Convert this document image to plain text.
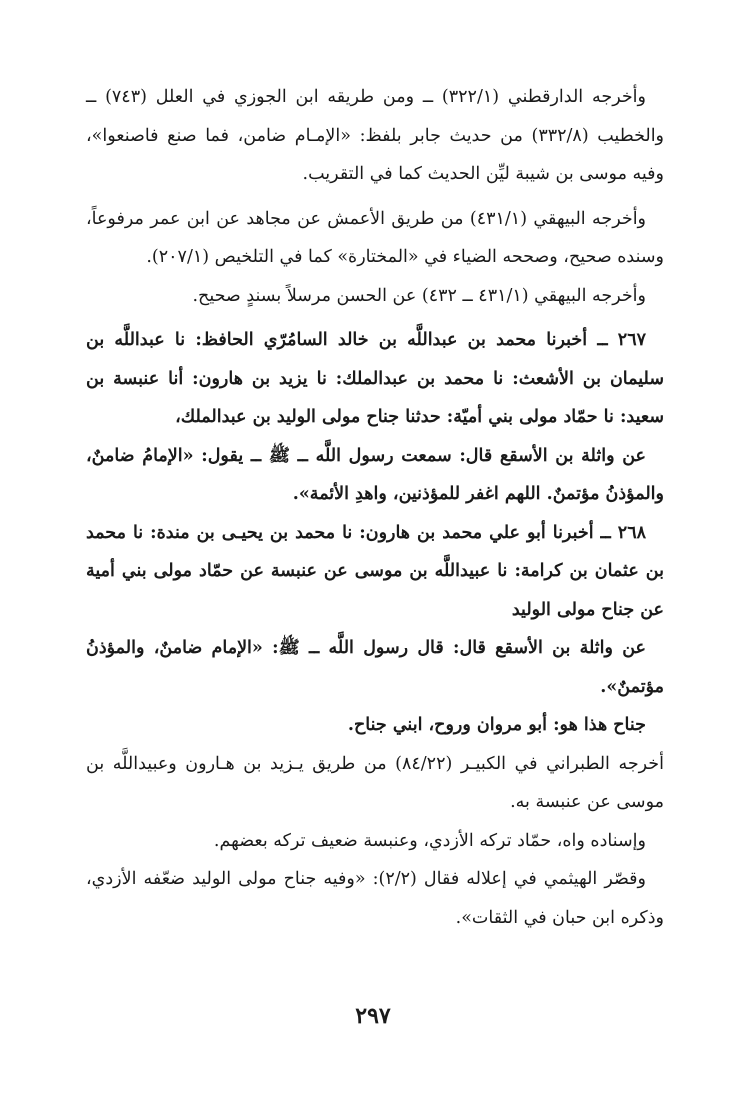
وأخرجه الدارقطني (٣٢٢/١) ــ ومن طريقه ابن الجوزي في العلل (٧٤٣) ــ والخطيب (٣٣٢/٨) من حديث جابر بلفظ: «الإمـام ضامن، فما صنع فاصنعوا»، وفيه موسى بن شيبة ليِّن الحديث كما في التقريب.

وأخرجه البيهقي (٤٣١/١) من طريق الأعمش عن مجاهد عن ابن عمر مرفوعاً، وسنده صحيح، وصححه الضياء في «المختارة» كما في التلخيص (٢٠٧/١).

وأخرجه البيهقي (٤٣١/١ ــ ٤٣٢) عن الحسن مرسلاً بسندٍ صحيح.

٢٦٧ ــ أخبرنا محمد بن عبداللَّه بن خالد السامُرّي الحافظ: نا عبداللَّه بن سليمان بن الأشعث: نا محمد بن عبدالملك: نا يزيد بن هارون: أنا عنبسة بن سعيد: نا حمّاد مولى بني أميّة: حدثنا جناح مولى الوليد بن عبدالملك،

عن واثلة بن الأسقع قال: سمعت رسول اللَّه ــ ﷺ ــ يقول: «الإمامُ ضامنٌ، والمؤذنُ مؤتمنٌ. اللهم اغفر للمؤذنين، واهدِ الأئمة».

٢٦٨ ــ أخبرنا أبو علي محمد بن هارون: نا محمد بن يحيـى بن مندة: نا محمد بن عثمان بن كرامة: نا عبيداللَّه بن موسى عن عنبسة عن حمّاد مولى بني أمية عن جناح مولى الوليد

عن واثلة بن الأسقع قال: قال رسول اللَّه ــ ﷺ: «الإمام ضامنٌ، والمؤذنُ مؤتمنٌ».

جناح هذا هو: أبو مروان وروح، ابني جناح.

أخرجه الطبراني في الكبيـر (٨٤/٢٢) من طريق يـزيد بن هـارون وعبيداللَّه بن موسى عن عنبسة به.

وإسناده واه، حمّاد تركه الأزدي، وعنبسة ضعيف تركه بعضهم.

وقصّر الهيثمي في إعلاله فقال (٢/٢): «وفيه جناح مولى الوليد ضعّفه الأزدي، وذكره ابن حبان في الثقات».

٢٩٧
